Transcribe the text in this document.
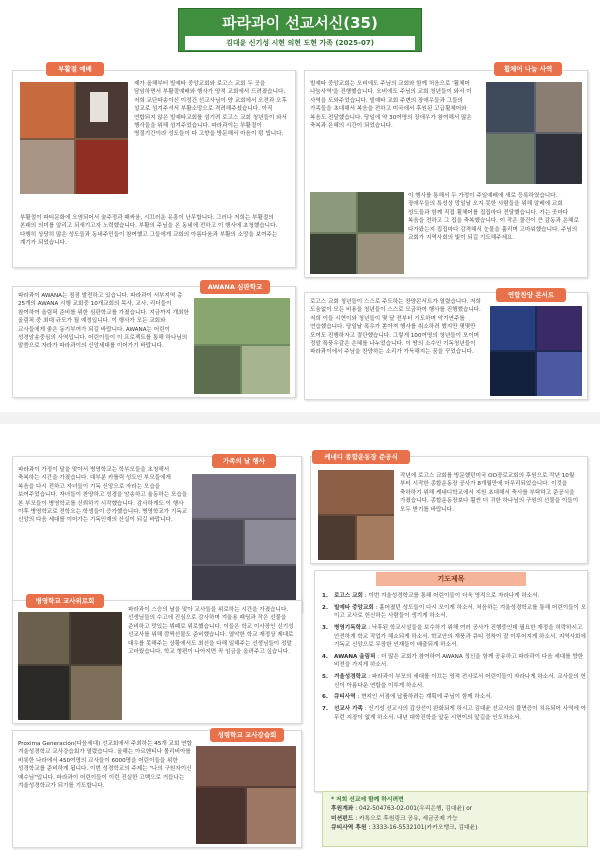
파라과이 선교서신(35)
김대윤 신기성 시현 의현 도현 가족 (2025-07)
부활절 예배
제가 올해부터 빌예타 중앙교회와 로고스 교회 두 곳을 담임하면서 부활절예배와 행사가 양적 교회에서 드려졌습니다. 저희 교단파송이신 이정건 선교사님이 양 교회에서 오전과 오후 설교로 섬겨주셔서 부활소망으로 격려해주셨습니다. 아직 연합되지 않은 빌예타교회를 섬기려 로고스 교회 청년들이 와서 행사들을 위해 섬겨주었습니다. 파라과이는 부활절이 명절기간이라 성도들이 다 고향을 방문해서 마음이 텅 빕니다.
부활절이 파티문화에 오염되어서 술주정과 패싸움, 시끄러운 유흥이 난무합니다. 그러나 저희는 부활절의 본래의 의미를 알리고 되새기고자 노력했습니다. 부활의 주님을 온 동네에 전하고 이 행사에 초청했습니다. 다행히 상당히 많은 성도들과 동네주민들이 참여했고 그들에게 교회의 아름다움과 부활의 소망을 보여주는 계기가 되었습니다.
휠체어 나눔 사역
빌예타 중앙교회는 오비에도 주님의 교회와 함께 처음으로 '휠체어 나눔사역'을 진행했습니다. 오비에도 주님의 교회 청년들이 와서 이 사역을 도와주었습니다. 빌예타 교회 주변의 장애우들과 그들의 가족들을 초대해서 복음을 전하고 미국에서 후원된 고급휠체어와 복음도 전달했습니다. 당일에 약 30여명의 장애우가 참여해서 많은 축복과 은혜의 시간이 되었습니다.
이 행사를 통해서 두 가정이 주일예배에 새로 등록하였습니다. 장애우들의 특성상 망일날 오지 못한 사람들을 위해 알베에 교회 성도들과 함께 직접 휠체어를 집집마다 전달했습니다. 가는 곳마다 복음을 전하고 그 집을 축복했습니다. 이 작은 물건이 큰 감동과 은혜로 다가왔는지 집집마다 감격해서 눈물을 흘리며 고마워했습니다. 주님의 교회가 지역사회의 빛이 되길 기도해주세요.
AWANA 심판학교
파라과이 AWANA는 점점 발전하고 있습니다. 파라과이 서부지역 총 25개의 AWANA 시행 교회중 10개교회의 목사, 교사, 리더들이 참여하여 올림픽 준비를 위한 심판학교를 가졌습니다. 지금까지 개최한 올림픽 중 최대 규모가 될 예정입니다. 이 행사가 모든 교회와 교사들에게 좋은 동기부여가 되길 바랍니다. AWANA는 어린이 성경암송중심의 사역입니다. 어린이들이 이 프로젝트를 통해 하나님의 말씀으로 자라가 파라과이의 신앙세대를 이어가기 바랍니다.
연합찬양 콘서트
로고스 교회 청년들이 스스로 주도하는 찬양콘서트가 열렸습니다. 저희 도움없이 모든 비용을 청년들이 스스로 모금하여 행사를 진행했습니다. 저희 이들 시현이와 청년들이 몇 달 전부터 기도하며 악기연주를 연습했습니다. 당일날 폭우가 쏟아져 행사를 취소하려 했지만 몇몇만 모여도 진행하자고 결단했습니다. 그렇게 100여명의 청년들이 모이며 정말 폭풍우같은 은혜를 나누었습니다. 이 땅의 소수인 기독청년들이 파라과이에서 주님을 찬양하는 소리가 가득해지는 꿈을 꾸었습니다.
가족의 날 행사
파라과이 가정이 달을 맞아서 병영학교는 학부모들을 초청해서 축복하는 시간을 가졌습니다. 대부분 카톨릭 성도인 부모들에게 복음을 다시 전하고 자녀들이 기독 신앙으로 자라는 모습을 보여주었습니다. 자녀들이 찬양하고 성경을 암송하고 율동하는 모습을 본 부모들이 병영학교를 신뢰하기 시작했습니다. 감사하게도 이 행사 이후 병영학교로 전학오는 학생들이 증가했습니다. 병영학교가 기독교 신앙의 다음 세대를 이어가는 기독인재의 산실이 되길 바랍니다.
케네디 종합운동장 준공식
작년에 로고스 교회를 방문했던미국 OO장로교회의 후원으로 작년 10월 부터 시작한 종합운동장 공사가 8개월만에 마무리되었습니다. 이것을 축하하기 위해 케네디학교에서 지원 초대해서 축사를 부탁하고 준공식을 가졌습니다. 종합운동장보다 훨씬 더 귀한 하나님의 구원의 선물을 이들이 모두 받기를 바랍니다.
병영학교 교사위로회
파라과이 스승의 날을 맞아 교사들을 위로하는 시간을 가졌습니다. 선생님들의 수고에 진심으로 감사하며 겨울용 패딩과 작은 선물을 준비하고 맛있는 뷔페로 위로했습니다. 이들은 학교 이사장인 신기성 선교사를 위해 깜짝선물도 준비했습니다. 열악한 학교 재정상 제대로 대우를 못해주는 상황에서도 최선을 다해 일해주는 선생님들이 정말 고마웠습니다. 학교 형편이 나아지면 꼭 임금을 올려주고 싶습니다.
성령학교 교사강습회
Proxima Generación(다음세대) 선교회에서 주최하는 45개 교회 연합 겨울성경학교 교사강습회가 열렸습니다. 올해는 아르헨티나 볼리비아를 비롯한 나라에서 450여명의 교사들이 6000명을 어린이들을 위한 성경학교를 준비하게 됩니다. 이번 성경학교의 주제는 "나의 구원자이신 예수님"입니다. 파라과이 어린이들이 이런 진실한 고백으로 거듭나는 겨울성경학교가 되기를 기도합니다.
기도제목
1. 로고스 교회 : 이번 겨울성경학교를 통해 어린이들이 더욱 영적으로 자라나게 하소서.
2. 빌예타 중앙교회 : 흩어졌던 성도들이 다시 모이게 하소서. 처음하는 겨울성경학교를 통해 어린이들이 모이고 교사로 헌신하는 사람들이 생기게 하소서.
3. 병영기독학교 : 낙후된 학교시설들을 보수하기 위해 여러 공사가 진행중인데 필요한 재정을 허락하시고 안전하게 학교 작업가 해소되게 하소서. 학교안의 재풍과 큐티 정착이 잘 이루어지게 하소서. 지역사회에 기독교 신앙으로 무장한 인재들이 배출되게 하소서.
4. AWANA 올림픽 : 더 많은 교회가 참여하여 AWANA 정신을 함께 공유하고 파라과이 다음 세대를 향한 비전을 가지게 하소서.
5. 겨울성경학교 : 파라과이 부모의 세대를 이끄는 영적 전사로서 어린이들이 자라나게 하소서. 교사들의 헌신이 아름다운 연합을 이루게 하소서.
6. 큐티사역 : 현지인 서점에 납품하려는 계획에 주님이 함께 하소서.
7. 선교사 가족 : 신기성 선교사의 갑상선이 완화되게 하시고 김대윤 선교사의 불면증이 치유되어 사역에 아무런 지장이 없게 하소서. 내년 대학진학을 앞둔 시현이의 앞길을 인도하소서.
* 저희 선교에 함께 하시려면
후원계좌 : 042-504763-02-001(우리은행, 김대윤) or
미션펀드 : 카톡으로 후원링크 공유, 세금공제 가능
큐티사역 후원 : 3333-16-5532101(카카오뱅크, 김대윤)
